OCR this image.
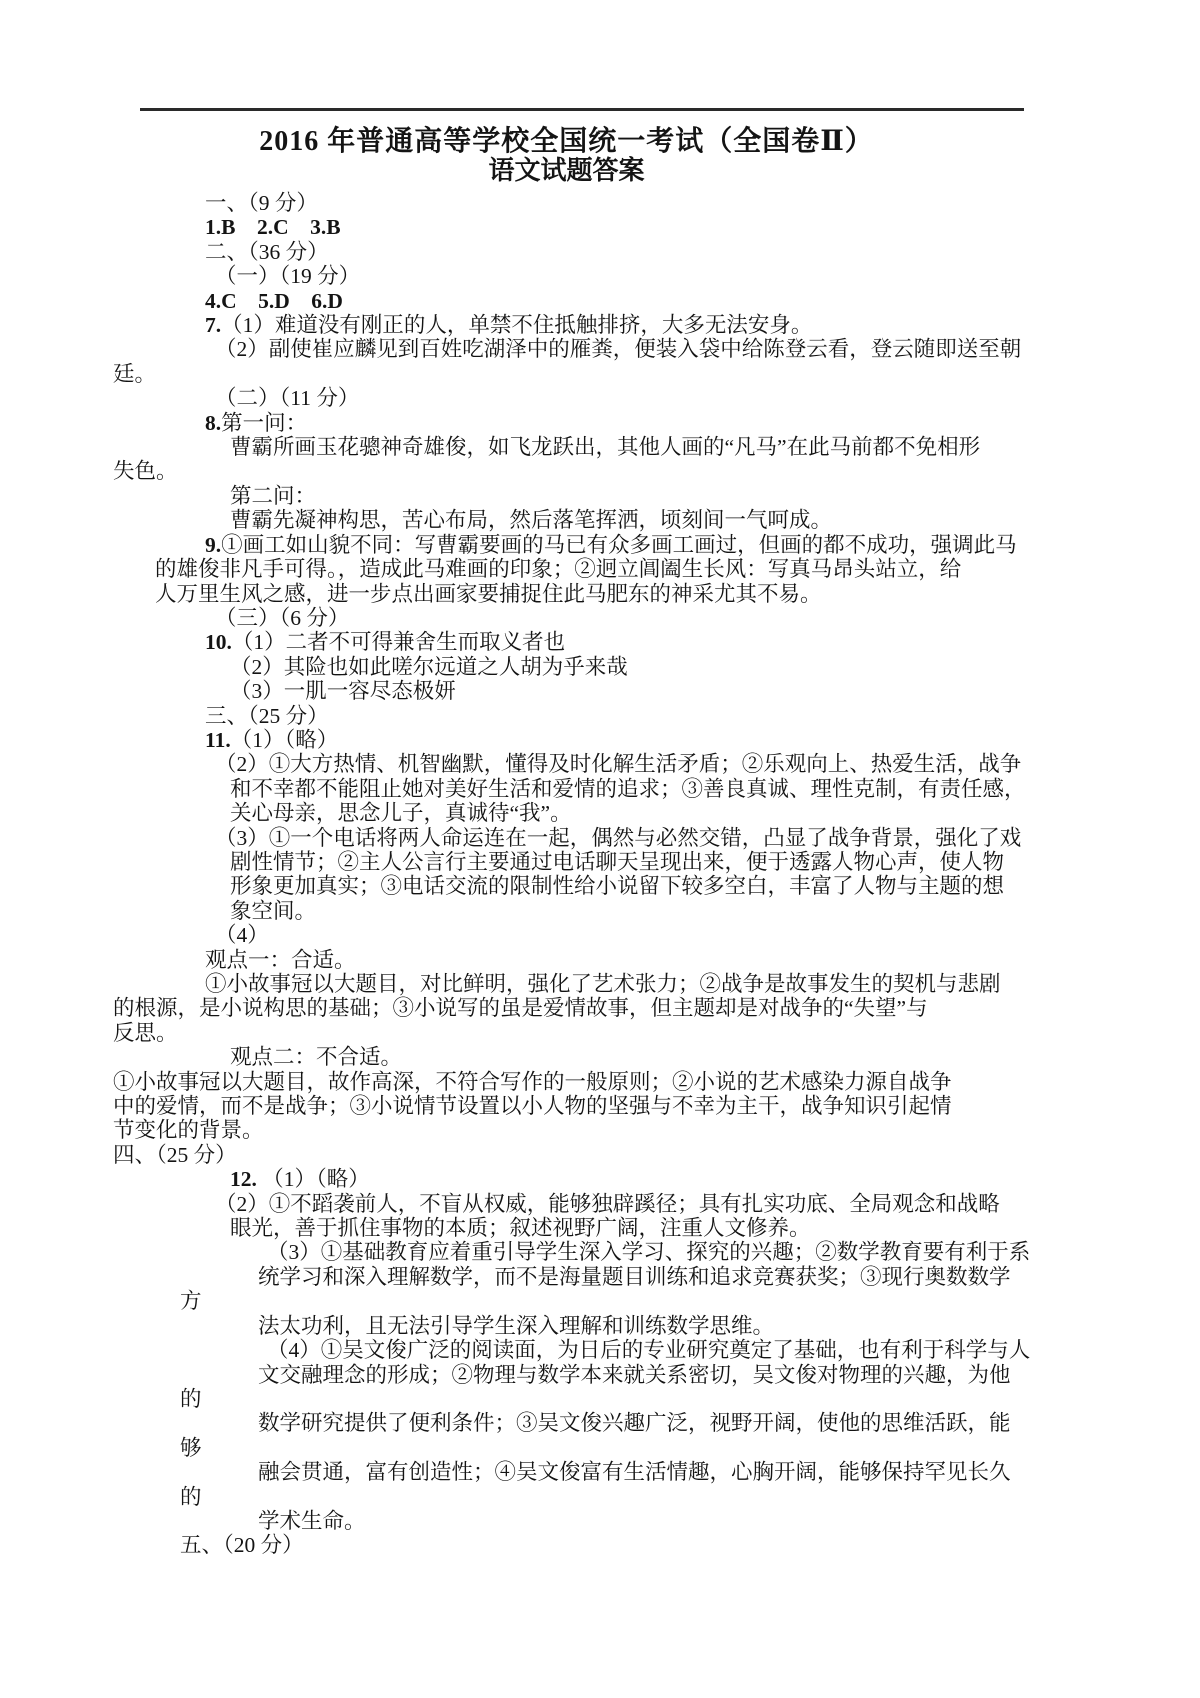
2016 年普通高等学校全国统一考试（全国卷Ⅱ）
语文试题答案
一、（9 分）
1.B　2.C　3.B
二、（36 分）
（一）（19 分）
4.C　5.D　6.D
7.（1）难道没有刚正的人，单禁不住抵触排挤，大多无法安身。
（2）副使崔应麟见到百姓吃湖泽中的雁粪，便装入袋中给陈登云看，登云随即送至朝
廷。
（二）（11 分）
8.第一问：
曹霸所画玉花骢神奇雄俊，如飞龙跃出，其他人画的“凡马”在此马前都不免相形
失色。
第二问：
曹霸先凝神构思，苦心布局，然后落笔挥洒，顷刻间一气呵成。
9.①画工如山貌不同：写曹霸要画的马已有众多画工画过，但画的都不成功，强调此马
的雄俊非凡手可得。，造成此马难画的印象；②迥立阊阖生长风：写真马昂头站立，给
人万里生风之感，进一步点出画家要捕捉住此马肥东的神采尤其不易。
（三）（6 分）
10.（1）二者不可得兼舍生而取义者也
（2）其险也如此嗟尔远道之人胡为乎来哉
（3）一肌一容尽态极妍
三、（25 分）
11.（1）（略）
（2）①大方热情、机智幽默，懂得及时化解生活矛盾；②乐观向上、热爱生活，战争
和不幸都不能阻止她对美好生活和爱情的追求；③善良真诚、理性克制，有责任感，
关心母亲，思念儿子，真诚待“我”。
（3）①一个电话将两人命运连在一起，偶然与必然交错，凸显了战争背景，强化了戏
剧性情节；②主人公言行主要通过电话聊天呈现出来，便于透露人物心声，使人物
形象更加真实；③电话交流的限制性给小说留下较多空白，丰富了人物与主题的想
象空间。
（4）
观点一：合适。
①小故事冠以大题目，对比鲜明，强化了艺术张力；②战争是故事发生的契机与悲剧
的根源，是小说构思的基础；③小说写的虽是爱情故事，但主题却是对战争的“失望”与
反思。
观点二：不合适。
①小故事冠以大题目，故作高深，不符合写作的一般原则；②小说的艺术感染力源自战争
中的爱情，而不是战争；③小说情节设置以小人物的坚强与不幸为主干，战争知识引起情
节变化的背景。
四、（25 分）
12. （1）（略）
（2）①不蹈袭前人，不盲从权威，能够独辟蹊径；具有扎实功底、全局观念和战略
眼光，善于抓住事物的本质；叙述视野广阔，注重人文修养。
（3）①基础教育应着重引导学生深入学习、探究的兴趣；②数学教育要有利于系
统学习和深入理解数学，而不是海量题目训练和追求竞赛获奖；③现行奥数数学
方
法太功利，且无法引导学生深入理解和训练数学思维。
（4）①吴文俊广泛的阅读面，为日后的专业研究奠定了基础，也有利于科学与人
文交融理念的形成；②物理与数学本来就关系密切，吴文俊对物理的兴趣，为他
的
数学研究提供了便利条件；③吴文俊兴趣广泛，视野开阔，使他的思维活跃，能
够
融会贯通，富有创造性；④吴文俊富有生活情趣，心胸开阔，能够保持罕见长久
的
学术生命。
五、（20 分）
